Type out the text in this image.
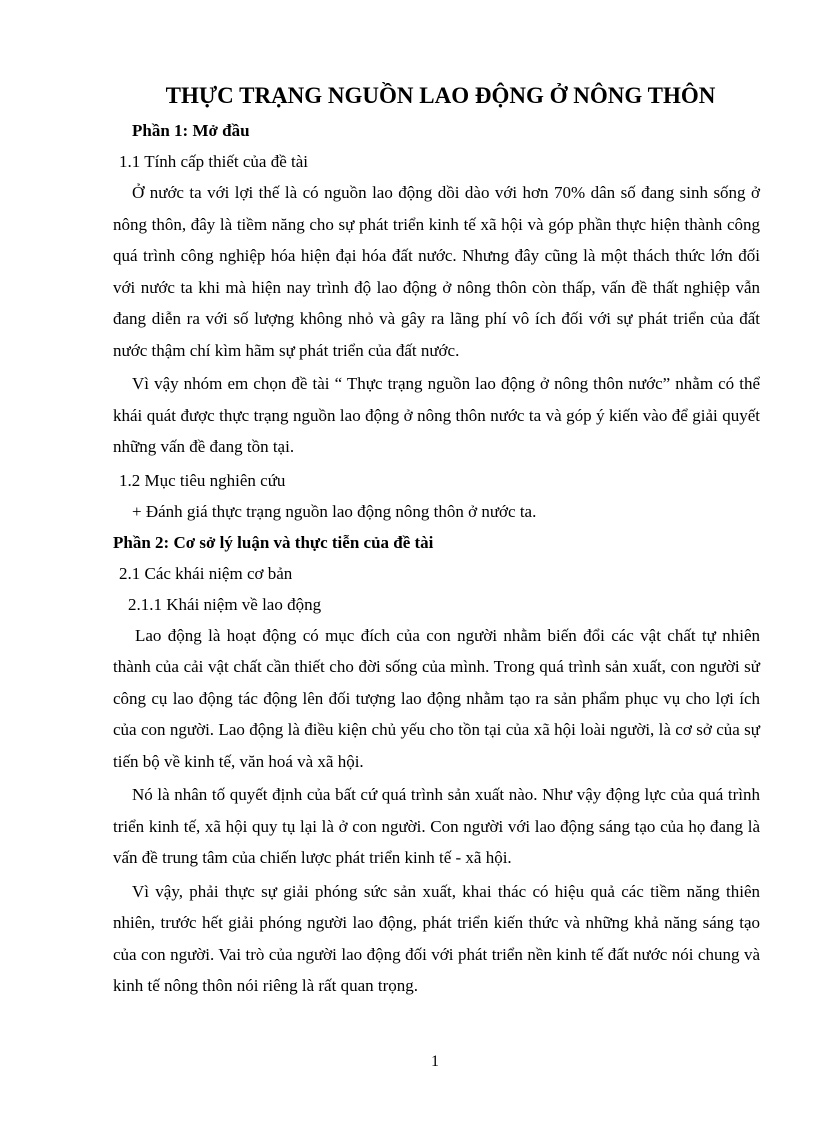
THỰC TRẠNG NGUỒN LAO ĐỘNG Ở NÔNG THÔN

Phần 1: Mở đầu

1.1 Tính cấp thiết của đề tài

Ở nước ta với lợi thế là có nguồn lao động dồi dào với hơn 70% dân số đang sinh sống ở nông thôn, đây là tiềm năng cho sự phát triển kinh tế xã hội và góp phần thực hiện thành công quá trình công nghiệp hóa hiện đại hóa đất nước. Nhưng đây cũng là một thách thức lớn đối với nước ta khi mà hiện nay trình độ lao động ở nông thôn còn thấp, vấn đề thất nghiệp vẫn đang diễn ra với số lượng không nhỏ và gây ra lãng phí vô ích đối với sự phát triển của đất nước thậm chí kìm hãm sự phát triển của đất nước.

Vì vậy nhóm em chọn đề tài “ Thực trạng nguồn lao động ở nông thôn nước” nhằm có thể khái quát được thực trạng nguồn lao động ở nông thôn nước ta và góp ý kiến vào để giải quyết những vấn đề đang tồn tại.

1.2 Mục tiêu nghiên cứu

+ Đánh giá thực trạng nguồn lao động nông thôn ở nước ta.

Phần 2: Cơ sở lý luận và thực tiễn của đề tài

2.1 Các khái niệm cơ bản

2.1.1 Khái niệm về lao động

Lao động là hoạt động có mục đích của con người nhằm biến đổi các vật chất tự nhiên thành của cải vật chất cần thiết cho đời sống của mình. Trong quá trình sản xuất, con người sử công cụ lao động tác động lên đối tượng lao động nhằm tạo ra sản phẩm phục vụ cho lợi ích của con người. Lao động là điều kiện chủ yếu cho tồn tại của xã hội loài người, là cơ sở của sự tiến bộ về kinh tế, văn hoá và xã hội.

Nó là nhân tố quyết định của bất cứ quá trình sản xuất nào. Như vậy động lực của quá trình triển kinh tế, xã hội quy tụ lại là ở con người. Con người với lao động sáng tạo của họ đang là vấn đề trung tâm của chiến lược phát triển kinh tế - xã hội.

Vì vậy, phải thực sự giải phóng sức sản xuất, khai thác có hiệu quả các tiềm năng thiên nhiên, trước hết giải phóng người lao động, phát triển kiến thức và những khả năng sáng tạo của con người. Vai trò của người lao động đối với phát triển nền kinh tế đất nước nói chung và kinh tế nông thôn nói riêng là rất quan trọng.

1
